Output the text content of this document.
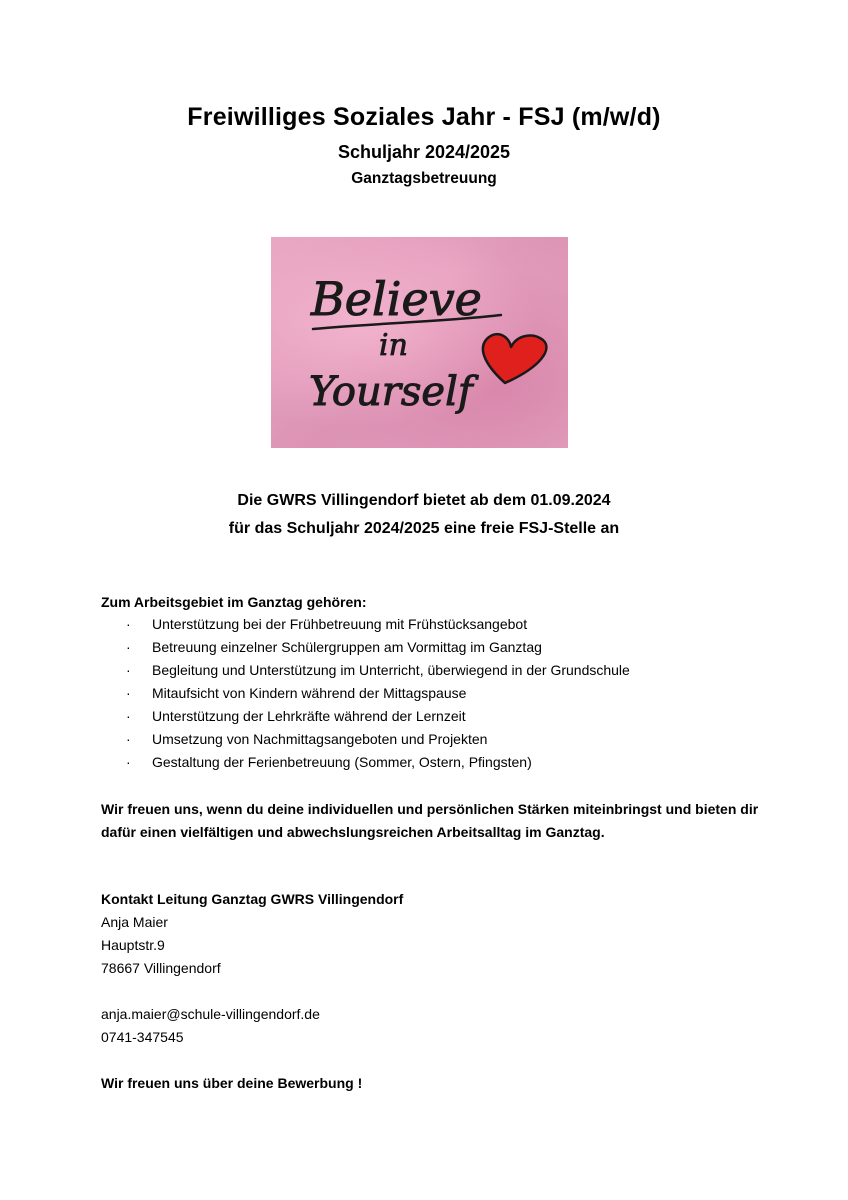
Freiwilliges Soziales Jahr - FSJ (m/w/d)
Schuljahr 2024/2025
Ganztagsbetreuung
Believe
in
Yourself
Die GWRS Villingendorf bietet ab dem 01.09.2024
für das Schuljahr 2024/2025 eine freie FSJ-Stelle an
Zum Arbeitsgebiet im Ganztag gehören:
· Unterstützung bei der Frühbetreuung mit Frühstücksangebot
· Betreuung einzelner Schülergruppen am Vormittag im Ganztag
· Begleitung und Unterstützung im Unterricht, überwiegend in der Grundschule
· Mitaufsicht von Kindern während der Mittagspause
· Unterstützung der Lehrkräfte während der Lernzeit
· Umsetzung von Nachmittagsangeboten und Projekten
· Gestaltung der Ferienbetreuung (Sommer, Ostern, Pfingsten)
Wir freuen uns, wenn du deine individuellen und persönlichen Stärken miteinbringst und bieten dir dafür einen vielfältigen und abwechslungsreichen Arbeitsalltag im Ganztag.
Kontakt Leitung Ganztag GWRS Villingendorf
Anja Maier
Hauptstr.9
78667 Villingendorf
anja.maier@schule-villingendorf.de
0741-347545
Wir freuen uns über deine Bewerbung !
